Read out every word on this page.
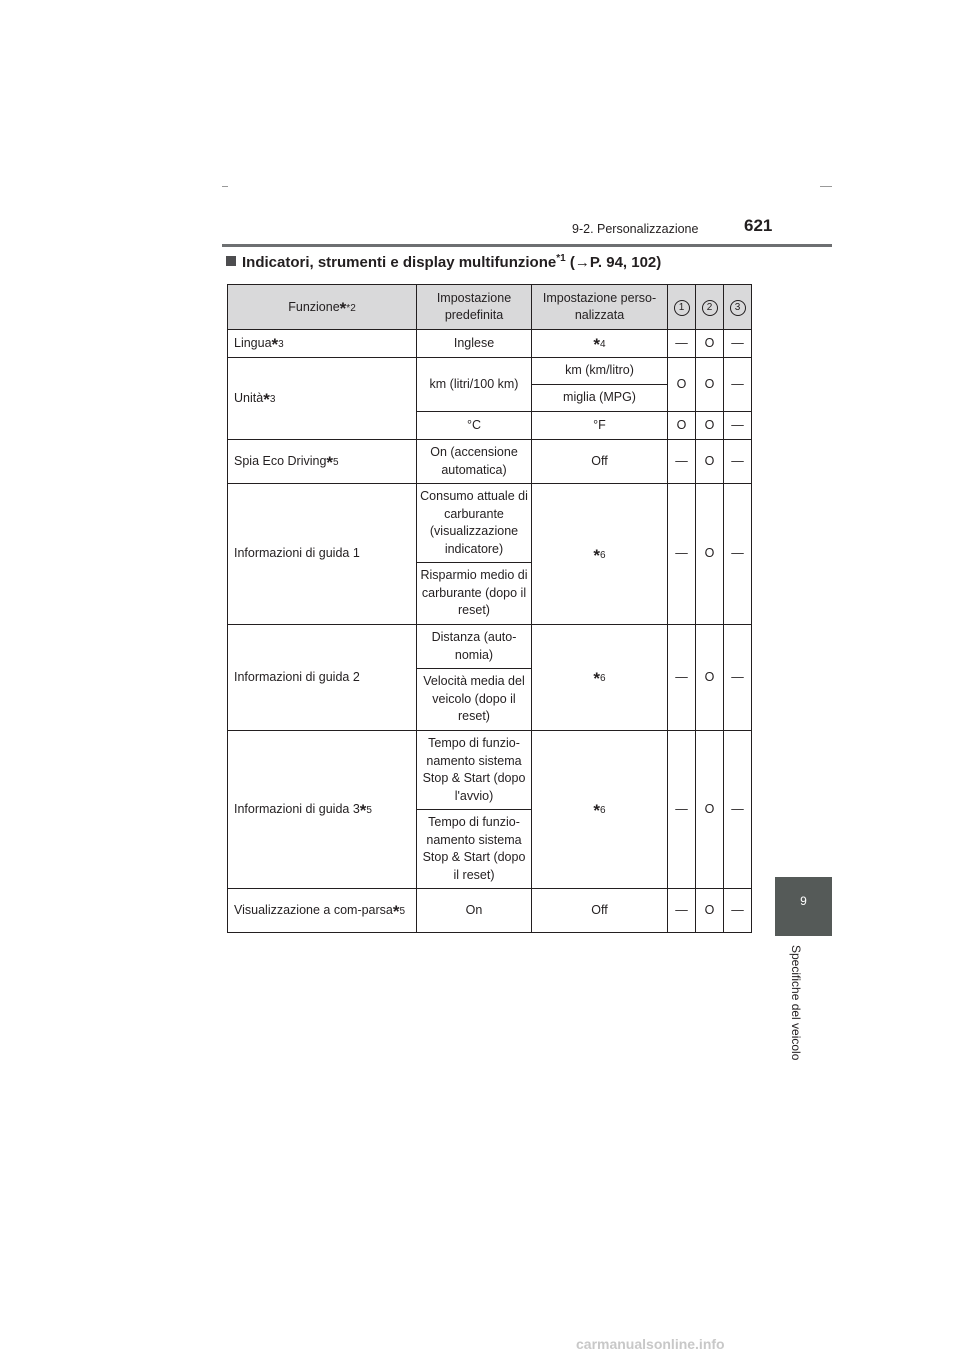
9-2. Personalizzazione	621
Indicatori, strumenti e display multifunzione$^{*1}$ (→P. 94, 102)
Funzione**2	Impostazione predefinita	Impostazione perso-nalizzata	1	2	3
Lingua*3	Inglese	*4	—	O	—
Unità*3	km (litri/100 km)	km (km/litro)	O	O	—
		miglia (MPG)			
	°C	°F	O	O	—
Spia Eco Driving*5	On (accensione automatica)	Off	—	O	—
Informazioni di guida 1	Consumo attuale di carburante (visualizzazione indicatore)	*6	—	O	—
	Risparmio medio di carburante (dopo il reset)				
Informazioni di guida 2	Distanza (auto-nomia)	*6	—	O	—
	Velocità media del veicolo (dopo il reset)				
Informazioni di guida 3*5	Tempo di funzio-namento sistema Stop & Start (dopo l'avvio)	*6	—	O	—
	Tempo di funzio-namento sistema Stop & Start (dopo il reset)				
Visualizzazione a com-parsa*5	On	Off	—	O	—
9
Specifiche del veicolo
carmanualsonline.info
